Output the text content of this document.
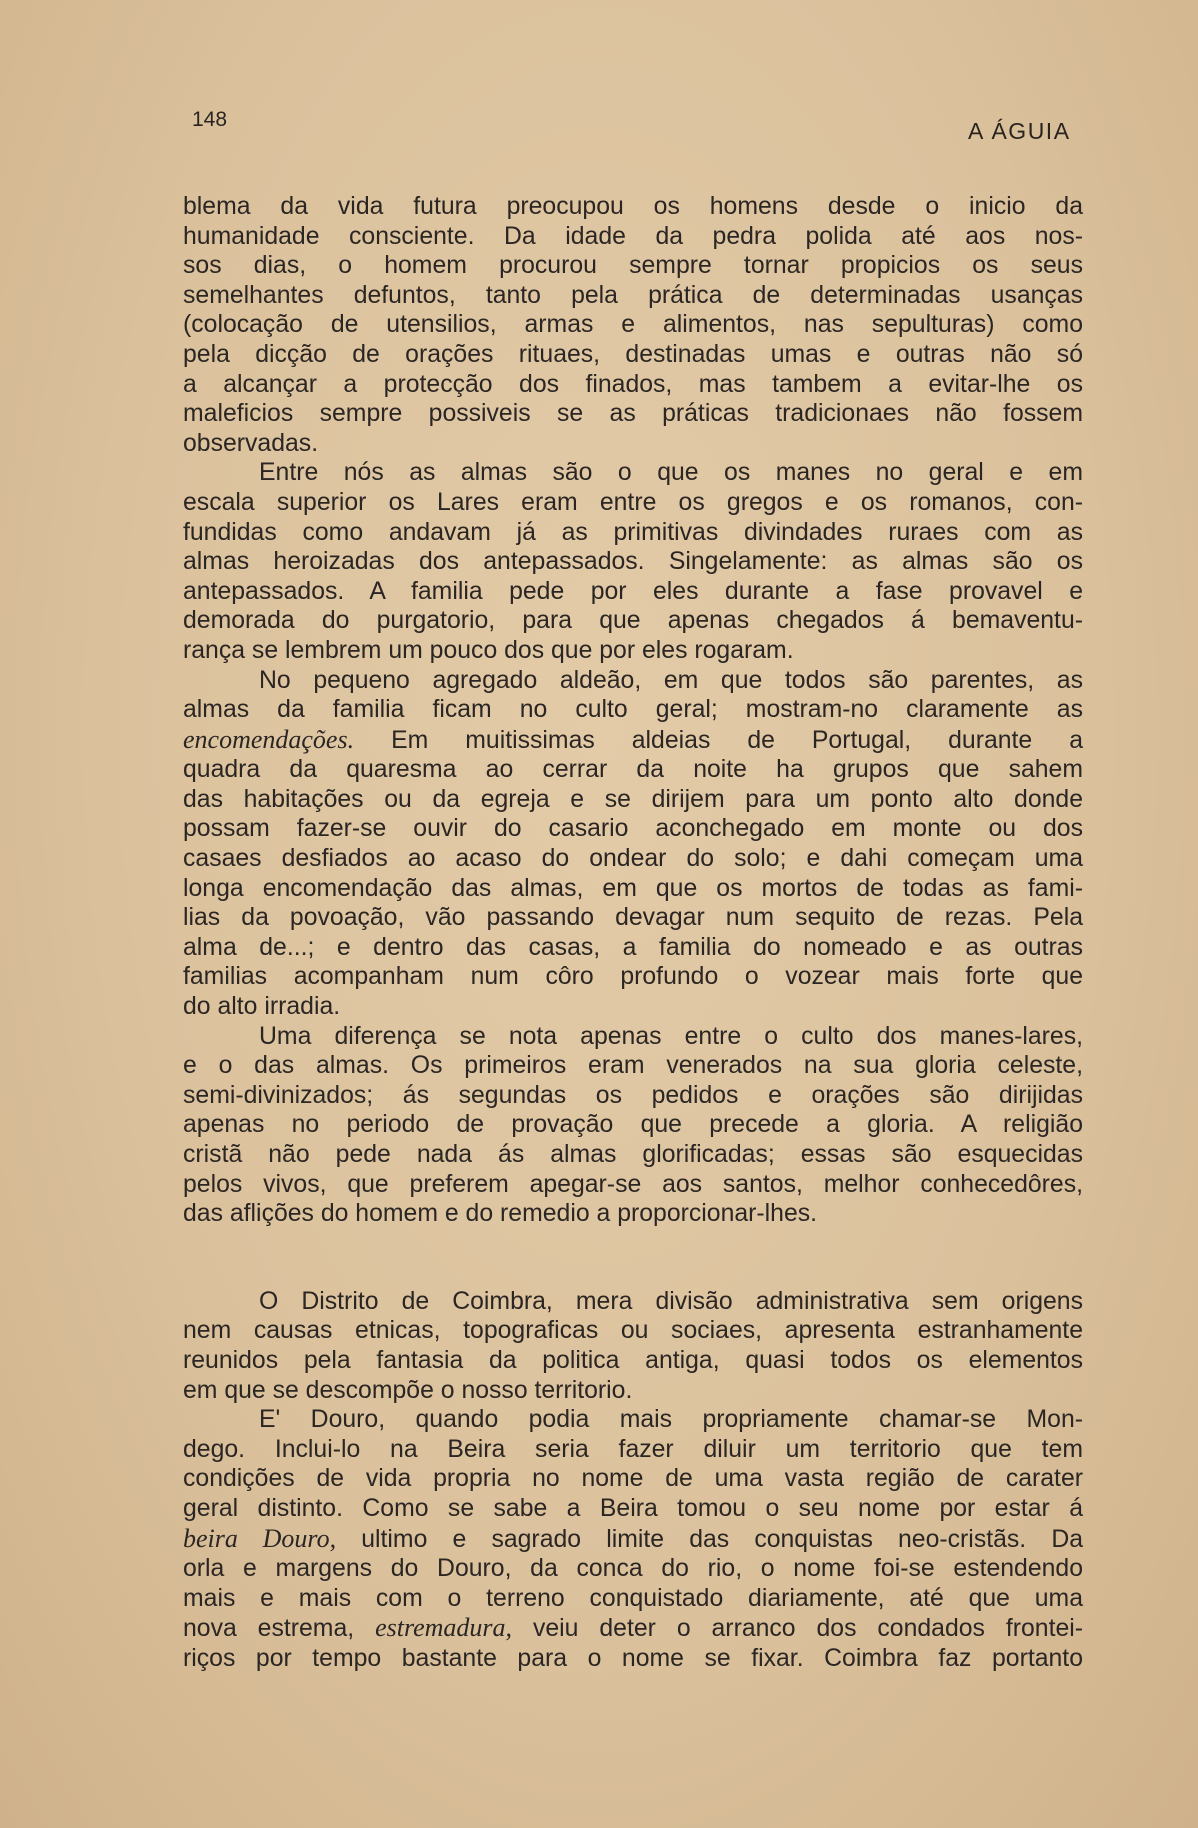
148	A ÁGUIA
blema da vida futura preocupou os homens desde o inicio da
humanidade consciente. Da idade da pedra polida até aos nos-
sos dias, o homem procurou sempre tornar propicios os seus
semelhantes defuntos, tanto pela prática de determinadas usanças
(colocação de utensilios, armas e alimentos, nas sepulturas) como
pela dicção de orações rituaes, destinadas umas e outras não só
a alcançar a protecção dos finados, mas tambem a evitar-lhe os
maleficios sempre possiveis se as práticas tradicionaes não fossem
observadas.
Entre nós as almas são o que os manes no geral e em
escala superior os Lares eram entre os gregos e os romanos, con-
fundidas como andavam já as primitivas divindades ruraes com as
almas heroizadas dos antepassados. Singelamente: as almas são os
antepassados. A familia pede por eles durante a fase provavel e
demorada do purgatorio, para que apenas chegados á bemaventu-
rança se lembrem um pouco dos que por eles rogaram.
No pequeno agregado aldeão, em que todos são parentes, as
almas da familia ficam no culto geral; mostram-no claramente as
encomendações. Em muitissimas aldeias de Portugal, durante a
quadra da quaresma ao cerrar da noite ha grupos que sahem
das habitações ou da egreja e se dirijem para um ponto alto donde
possam fazer-se ouvir do casario aconchegado em monte ou dos
casaes desfiados ao acaso do ondear do solo; e dahi começam uma
longa encomendação das almas, em que os mortos de todas as fami-
lias da povoação, vão passando devagar num sequito de rezas. Pela
alma de...; e dentro das casas, a familia do nomeado e as outras
familias acompanham num côro profundo o vozear mais forte que
do alto irradia.
Uma diferença se nota apenas entre o culto dos manes-lares,
e o das almas. Os primeiros eram venerados na sua gloria celeste,
semi-divinizados; ás segundas os pedidos e orações são dirijidas
apenas no periodo de provação que precede a gloria. A religião
cristã não pede nada ás almas glorificadas; essas são esquecidas
pelos vivos, que preferem apegar-se aos santos, melhor conhecedôres,
das aflições do homem e do remedio a proporcionar-lhes.
O Distrito de Coimbra, mera divisão administrativa sem origens
nem causas etnicas, topograficas ou sociaes, apresenta estranhamente
reunidos pela fantasia da politica antiga, quasi todos os elementos
em que se descompõe o nosso territorio.
E' Douro, quando podia mais propriamente chamar-se Mon-
dego. Inclui-lo na Beira seria fazer diluir um territorio que tem
condições de vida propria no nome de uma vasta região de carater
geral distinto. Como se sabe a Beira tomou o seu nome por estar á
beira Douro, ultimo e sagrado limite das conquistas neo-cristãs. Da
orla e margens do Douro, da conca do rio, o nome foi-se estendendo
mais e mais com o terreno conquistado diariamente, até que uma
nova estrema, estremadura, veiu deter o arranco dos condados frontei-
riços por tempo bastante para o nome se fixar. Coimbra faz portanto
